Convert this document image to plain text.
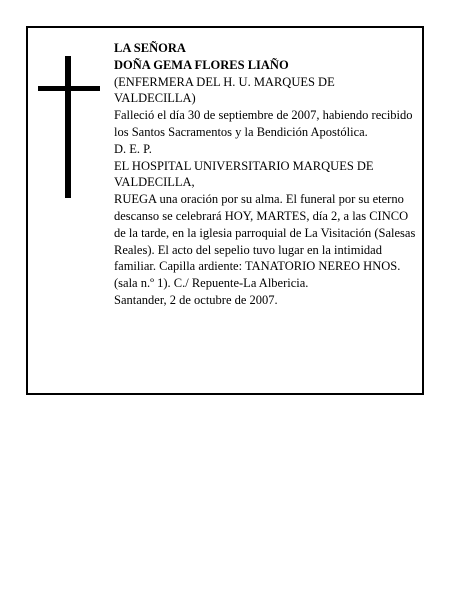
LA SEÑORA

DOÑA GEMA FLORES LIAÑO

(ENFERMERA DEL H. U. MARQUES DE VALDECILLA)

Falleció el día 30 de septiembre de 2007, habiendo recibido los Santos Sacramentos y la Bendición Apostólica.

D. E. P.

EL HOSPITAL UNIVERSITARIO MARQUES DE VALDECILLA,

RUEGA una oración por su alma. El funeral por su eterno descanso se celebrará HOY, MARTES, día 2, a las CINCO de la tarde, en la iglesia parroquial de La Visitación (Salesas Reales). El acto del sepelio tuvo lugar en la intimidad familiar. Capilla ardiente: TANATORIO NEREO HNOS. (sala n.º 1). C./ Repuente-La Albericia.

Santander, 2 de octubre de 2007.
